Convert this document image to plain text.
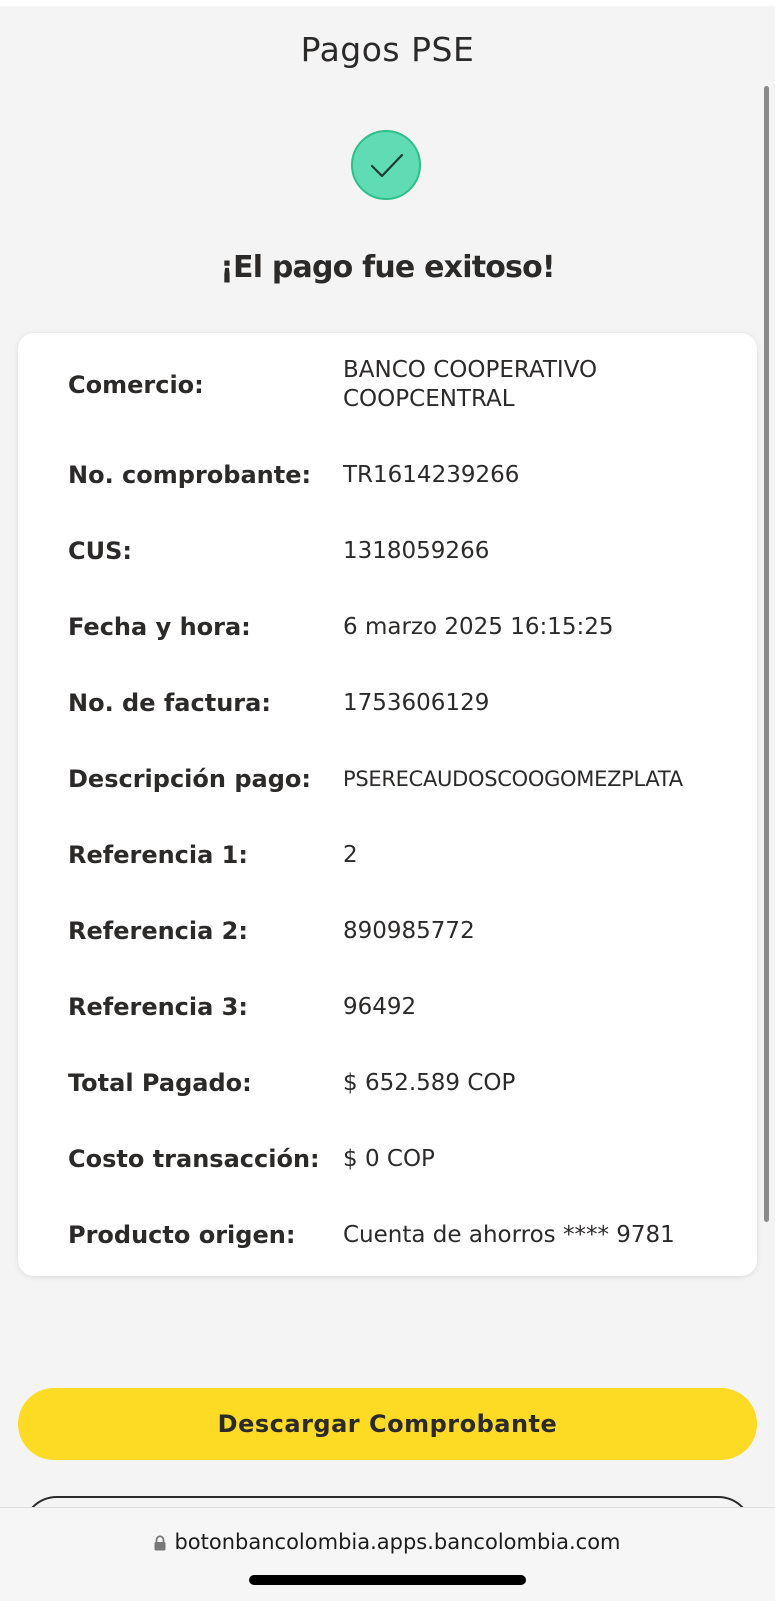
Pagos PSE
¡El pago fue exitoso!
Comercio:
BANCO COOPERATIVO COOPCENTRAL
No. comprobante: TR1614239266
CUS:	1318059266
Fecha y hora:	6 marzo 2025 16:15:25
No. de factura:	1753606129
Descripción pago: PSERECAUDOSCOOGOMEZPLATA
Referencia 1:	2
Referencia 2:	890985772
Referencia 3:	96492
Total Pagado:	$ 652.589 COP
Costo transacción: $ 0 COP
Producto origen: Cuenta de ahorros **** 9781
Descargar Comprobante
botonbancolombia.apps.bancolombia.com
